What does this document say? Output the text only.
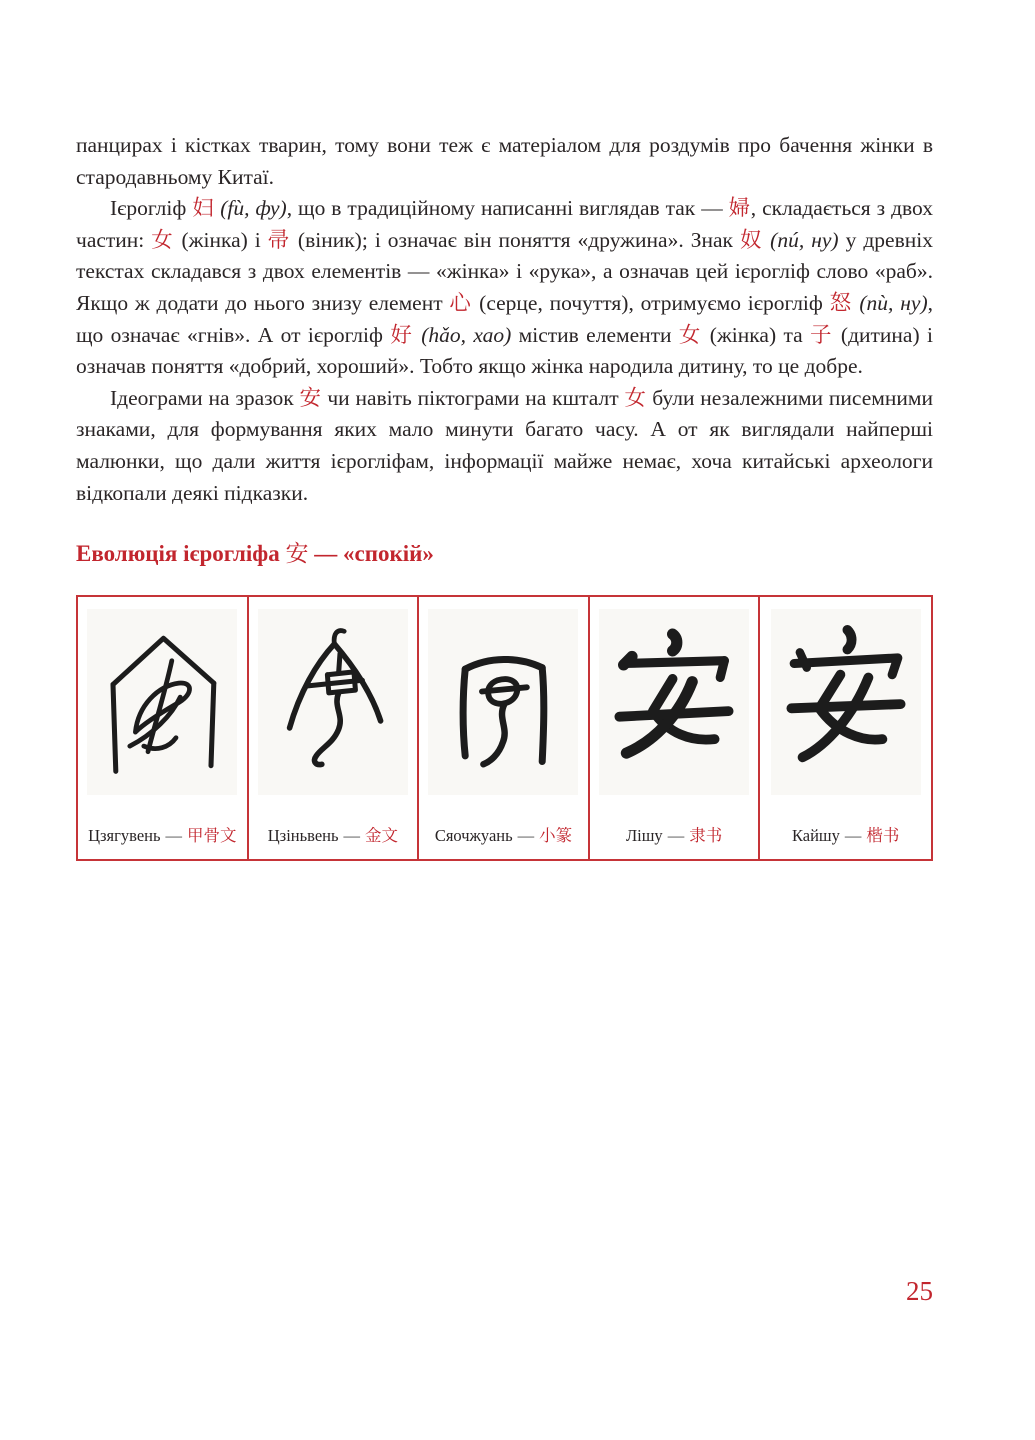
панцирах і кістках тварин, тому вони теж є матеріалом для роздумів про бачення жінки в стародавньому Китаї.

Ієрогліф 妇 (fù, фу), що в традиційному написанні виглядав так — 婦, складається з двох частин: 女 (жінка) і 帚 (віник); і означає він поняття «дружина». Знак 奴 (nú, ну) у древніх текстах складався з двох елементів — «жінка» і «рука», а означав цей ієрогліф слово «раб». Якщо ж додати до нього знизу елемент 心 (серце, почуття), отримуємо ієрогліф 怒 (nù, ну), що означає «гнів». А от ієрогліф 好 (hǎo, хао) містив елементи 女 (жінка) та 子 (дитина) і означав поняття «добрий, хороший». Тобто якщо жінка народила дитину, то це добре.

Ідеограми на зразок 安 чи навіть піктограми на кшталт 女 були незалежними писемними знаками, для формування яких мало минути багато часу. А от як виглядали найперші малюнки, що дали життя ієрогліфам, інформації майже немає, хоча китайські археологи відкопали деякі підказки.

Еволюція ієрогліфа 安 — «спокій»
Цзягувень — 甲骨文 Цзіньвень — 金文 Сяочжуань — 小篆	Лішу — 隶书	Кайшу — 楷书
25
